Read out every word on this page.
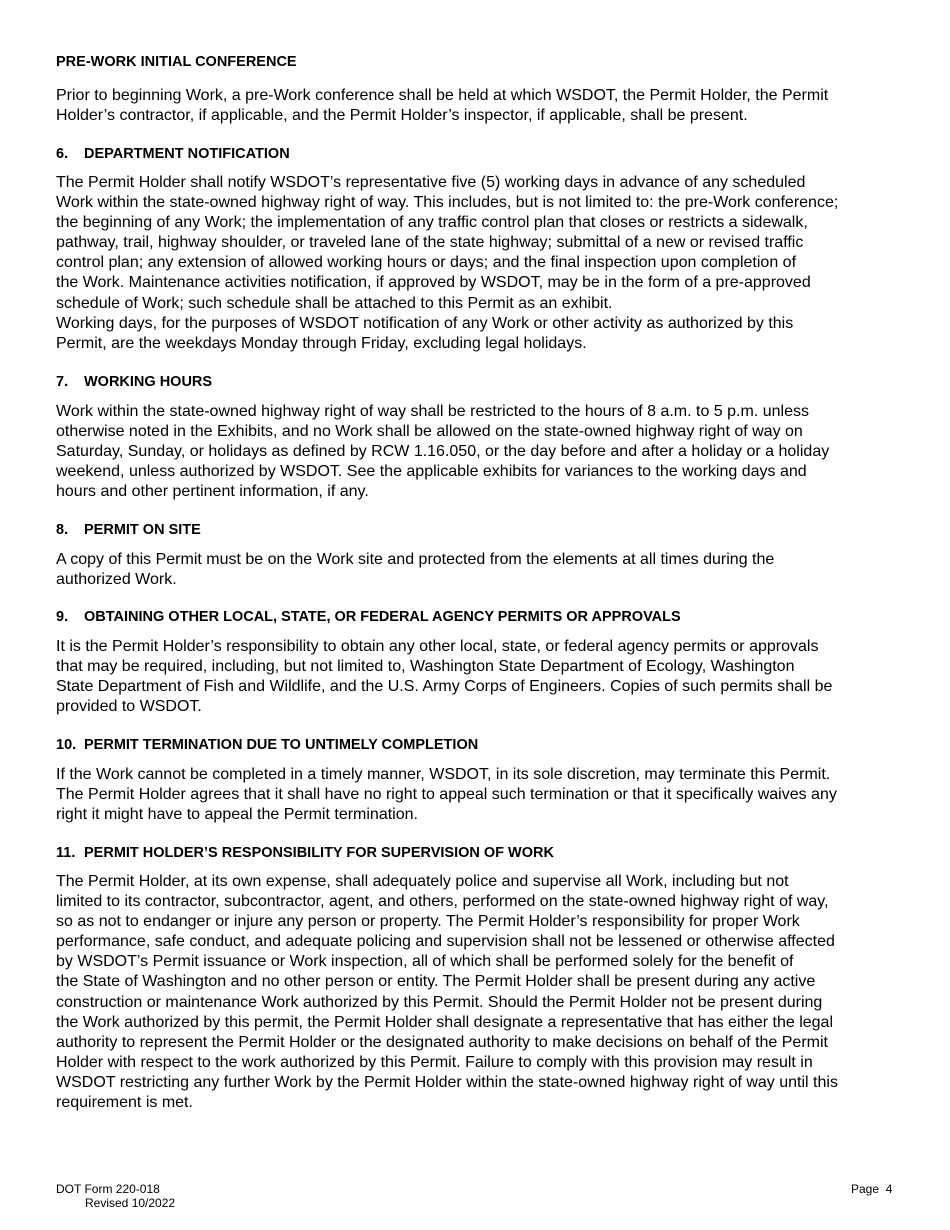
PRE-WORK INITIAL CONFERENCE
Prior to beginning Work, a pre-Work conference shall be held at which WSDOT, the Permit Holder, the Permit
Holder’s contractor, if applicable, and the Permit Holder’s inspector, if applicable, shall be present.
6. DEPARTMENT NOTIFICATION
The Permit Holder shall notify WSDOT’s representative five (5) working days in advance of any scheduled
Work within the state-owned highway right of way. This includes, but is not limited to: the pre-Work conference;
the beginning of any Work; the implementation of any traffic control plan that closes or restricts a sidewalk,
pathway, trail, highway shoulder, or traveled lane of the state highway; submittal of a new or revised traffic
control plan; any extension of allowed working hours or days; and the final inspection upon completion of
the Work. Maintenance activities notification, if approved by WSDOT, may be in the form of a pre-approved
schedule of Work; such schedule shall be attached to this Permit as an exhibit.
Working days, for the purposes of WSDOT notification of any Work or other activity as authorized by this
Permit, are the weekdays Monday through Friday, excluding legal holidays.
7. WORKING HOURS
Work within the state-owned highway right of way shall be restricted to the hours of 8 a.m. to 5 p.m. unless
otherwise noted in the Exhibits, and no Work shall be allowed on the state-owned highway right of way on
Saturday, Sunday, or holidays as defined by RCW 1.16.050, or the day before and after a holiday or a holiday
weekend, unless authorized by WSDOT. See the applicable exhibits for variances to the working days and
hours and other pertinent information, if any.
8. PERMIT ON SITE
A copy of this Permit must be on the Work site and protected from the elements at all times during the
authorized Work.
9. OBTAINING OTHER LOCAL, STATE, OR FEDERAL AGENCY PERMITS OR APPROVALS
It is the Permit Holder’s responsibility to obtain any other local, state, or federal agency permits or approvals
that may be required, including, but not limited to, Washington State Department of Ecology, Washington
State Department of Fish and Wildlife, and the U.S. Army Corps of Engineers. Copies of such permits shall be
provided to WSDOT.
10. PERMIT TERMINATION DUE TO UNTIMELY COMPLETION
If the Work cannot be completed in a timely manner, WSDOT, in its sole discretion, may terminate this Permit.
The Permit Holder agrees that it shall have no right to appeal such termination or that it specifically waives any
right it might have to appeal the Permit termination.
11. PERMIT HOLDER’S RESPONSIBILITY FOR SUPERVISION OF WORK
The Permit Holder, at its own expense, shall adequately police and supervise all Work, including but not
limited to its contractor, subcontractor, agent, and others, performed on the state-owned highway right of way,
so as not to endanger or injure any person or property. The Permit Holder’s responsibility for proper Work
performance, safe conduct, and adequate policing and supervision shall not be lessened or otherwise affected
by WSDOT’s Permit issuance or Work inspection, all of which shall be performed solely for the benefit of
the State of Washington and no other person or entity. The Permit Holder shall be present during any active
construction or maintenance Work authorized by this Permit. Should the Permit Holder not be present during
the Work authorized by this permit, the Permit Holder shall designate a representative that has either the legal
authority to represent the Permit Holder or the designated authority to make decisions on behalf of the Permit
Holder with respect to the work authorized by this Permit. Failure to comply with this provision may result in
WSDOT restricting any further Work by the Permit Holder within the state-owned highway right of way until this
requirement is met.
DOT Form 220-018
Revised 10/2022
Page 4
